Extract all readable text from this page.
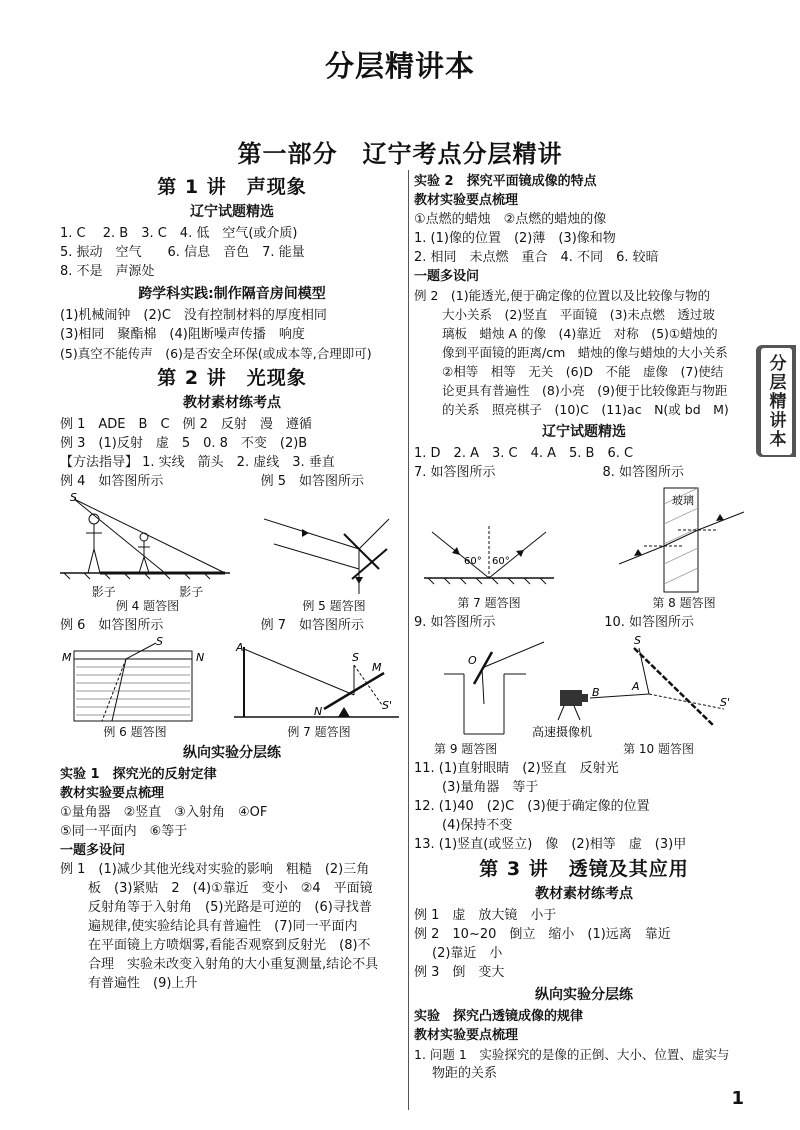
分层精讲本
第一部分　辽宁考点分层精讲
第 1 讲　声现象
辽宁试题精选
1. C　 2. B　3. C　4. 低　空气(或介质)
5. 振动　空气　　6. 信息　音色　7. 能量
8. 不是　声源处
跨学科实践:制作隔音房间模型
(1)机械闹钟　(2)C　没有控制材料的厚度相同
(3)相同　聚酯棉　(4)阻断噪声传播　响度
(5)真空不能传声　(6)是否安全环保(或成本等,合理即可)
第 2 讲　光现象
教材素材练考点
例 1　ADE　B　C　例 2　反射　漫　遵循
例 3　(1)反射　虚　5　0. 8　不变　(2)B
【方法指导】 1. 实线　箭头　2. 虚线　3. 垂直
例 4　如答图所示	例 5　如答图所示
S
影子	影子
例 4 题答图	例 5 题答图
例 6　如答图所示	例 7　如答图所示
M	N
S
例 6 题答图
A
S
M
N	S'
例 7 题答图
纵向实验分层练
实验 1　探究光的反射定律
教材实验要点梳理
①量角器　②竖直　③入射角　④OF
⑤同一平面内　⑥等于
一题多设问
例 1　(1)减少其他光线对实验的影响　粗糙　(2)三角
板　(3)紧贴　2　(4)①靠近　变小　②4　平面镜
反射角等于入射角　(5)光路是可逆的　(6)寻找普
遍规律,使实验结论具有普遍性　(7)同一平面内
在平面镜上方喷烟雾,看能否观察到反射光　(8)不
合理　实验未改变入射角的大小重复测量,结论不具
有普遍性　(9)上升
实验 2　探究平面镜成像的特点
教材实验要点梳理
①点燃的蜡烛　②点燃的蜡烛的像
1. (1)像的位置　(2)薄　(3)像和物
2. 相同　未点燃　重合　4. 不同　6. 较暗
一题多设问
例 2　(1)能透光,便于确定像的位置以及比较像与物的
大小关系　(2)竖直　平面镜　(3)未点燃　透过玻
璃板　蜡烛 A 的像　(4)靠近　对称　(5)①蜡烛的
像到平面镜的距离/cm　蜡烛的像与蜡烛的大小关系
②相等　相等　无关　(6)D　不能　虚像　(7)使结
论更具有普遍性　(8)小亮　(9)便于比较像距与物距
的关系　照亮棋子　(10)C　(11)ac　N(或 bd　M)
辽宁试题精选
1. D　2. A　3. C　4. A　5. B　6. C
7. 如答图所示	8. 如答图所示
60° 60°
第 7 题答图
玻璃
第 8 题答图
9. 如答图所示	10. 如答图所示
O
B	A
S
S'
高速摄像机
第 9 题答图	第 10 题答图
11. (1)直射眼睛　(2)竖直　反射光
(3)量角器　等于
12. (1)40　(2)C　(3)便于确定像的位置
(4)保持不变
13. (1)竖直(或竖立)　像　(2)相等　虚　(3)甲
第 3 讲　透镜及其应用
教材素材练考点
例 1　虚　放大镜　小于
例 2　10~20　倒立　缩小　(1)远离　靠近
(2)靠近　小
例 3　倒　变大
纵向实验分层练
实验　探究凸透镜成像的规律
教材实验要点梳理
1. 问题 1　实验探究的是像的正倒、大小、位置、虚实与
物距的关系
分层精讲本
1
